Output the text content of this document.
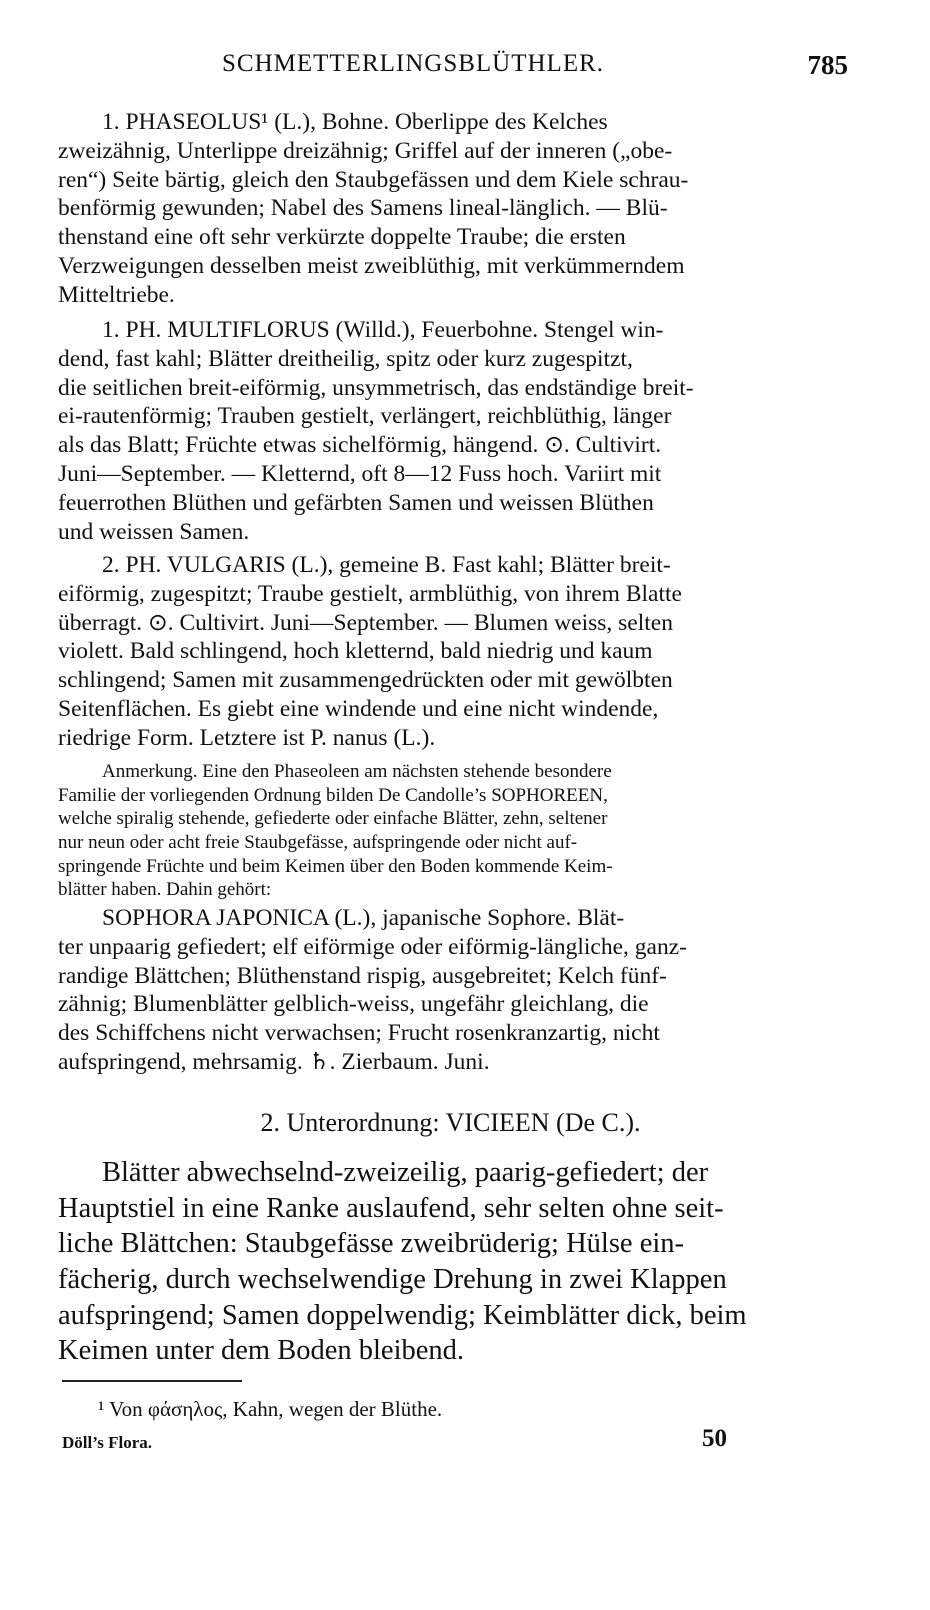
SCHMETTERLINGSBLÜTHLER.	785
1. PHASEOLUS¹ (L.), Bohne. Oberlippe des Kelches
zweizähnig, Unterlippe dreizähnig; Griffel auf der inneren („obe-
ren“) Seite bärtig, gleich den Staubgefässen und dem Kiele schrau-
benförmig gewunden; Nabel des Samens lineal-länglich. — Blü-
thenstand eine oft sehr verkürzte doppelte Traube; die ersten
Verzweigungen desselben meist zweiblüthig, mit verkümmerndem
Mitteltriebe.
1. PH. MULTIFLORUS (Willd.), Feuerbohne. Stengel win-
dend, fast kahl; Blätter dreitheilig, spitz oder kurz zugespitzt,
die seitlichen breit-eiförmig, unsymmetrisch, das endständige breit-
ei-rautenförmig; Trauben gestielt, verlängert, reichblüthig, länger
als das Blatt; Früchte etwas sichelförmig, hängend. ⊙. Cultivirt.
Juni—September. — Kletternd, oft 8—12 Fuss hoch. Variirt mit
feuerrothen Blüthen und gefärbten Samen und weissen Blüthen
und weissen Samen.
2. PH. VULGARIS (L.), gemeine B. Fast kahl; Blätter breit-
eiförmig, zugespitzt; Traube gestielt, armblüthig, von ihrem Blatte
überragt. ⊙. Cultivirt. Juni—September. — Blumen weiss, selten
violett. Bald schlingend, hoch kletternd, bald niedrig und kaum
schlingend; Samen mit zusammengedrückten oder mit gewölbten
Seitenflächen. Es giebt eine windende und eine nicht windende,
riedrige Form. Letztere ist P. nanus (L.).
Anmerkung. Eine den Phaseoleen am nächsten stehende besondere
Familie der vorliegenden Ordnung bilden De Candolle’s SOPHOREEN,
welche spiralig stehende, gefiederte oder einfache Blätter, zehn, seltener
nur neun oder acht freie Staubgefässe, aufspringende oder nicht auf-
springende Früchte und beim Keimen über den Boden kommende Keim-
blätter haben. Dahin gehört:
SOPHORA JAPONICA (L.), japanische Sophore. Blät-
ter unpaarig gefiedert; elf eiförmige oder eiförmig-längliche, ganz-
randige Blättchen; Blüthenstand rispig, ausgebreitet; Kelch fünf-
zähnig; Blumenblätter gelblich-weiss, ungefähr gleichlang, die
des Schiffchens nicht verwachsen; Frucht rosenkranzartig, nicht
aufspringend, mehrsamig. ♄. Zierbaum. Juni.
2. Unterordnung: VICIEEN (De C.).
Blätter abwechselnd-zweizeilig, paarig-gefiedert; der
Hauptstiel in eine Ranke auslaufend, sehr selten ohne seit-
liche Blättchen: Staubgefässe zweibrüderig; Hülse ein-
fächerig, durch wechselwendige Drehung in zwei Klappen
aufspringend; Samen doppelwendig; Keimblätter dick, beim
Keimen unter dem Boden bleibend.
¹ Von φάσηλος, Kahn, wegen der Blüthe.
Döll’s Flora.	50
